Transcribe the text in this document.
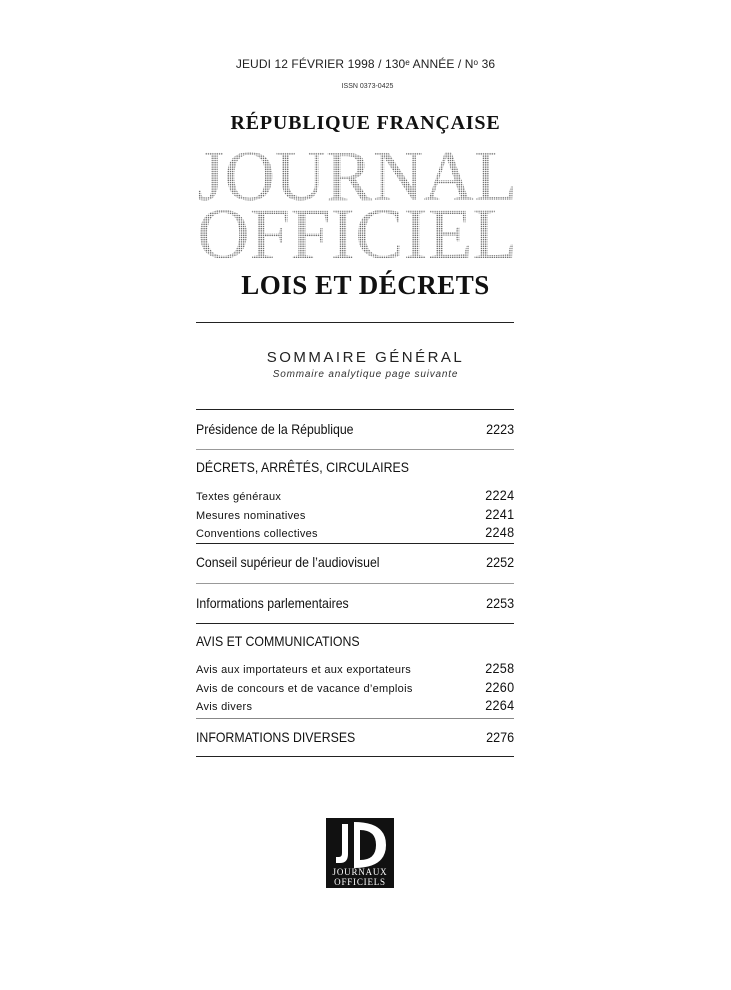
JEUDI 12 FÉVRIER 1998 / 130ᵉ ANNÉE / Nᵒ 36
ISSN 0373-0425
RÉPUBLIQUE FRANÇAISE
JOURNAL
OFFICIEL
LOIS ET DÉCRETS
SOMMAIRE GÉNÉRAL
Sommaire analytique page suivante
Présidence de la République	2223
DÉCRETS, ARRÊTÉS, CIRCULAIRES
Textes généraux	2224
Mesures nominatives	2241
Conventions collectives	2248
Conseil supérieur de l’audiovisuel	2252
Informations parlementaires	2253
AVIS ET COMMUNICATIONS
Avis aux importateurs et aux exportateurs	2258
Avis de concours et de vacance d’emplois	2260
Avis divers	2264
INFORMATIONS DIVERSES	2276
JOURNAUX
OFFICIELS
